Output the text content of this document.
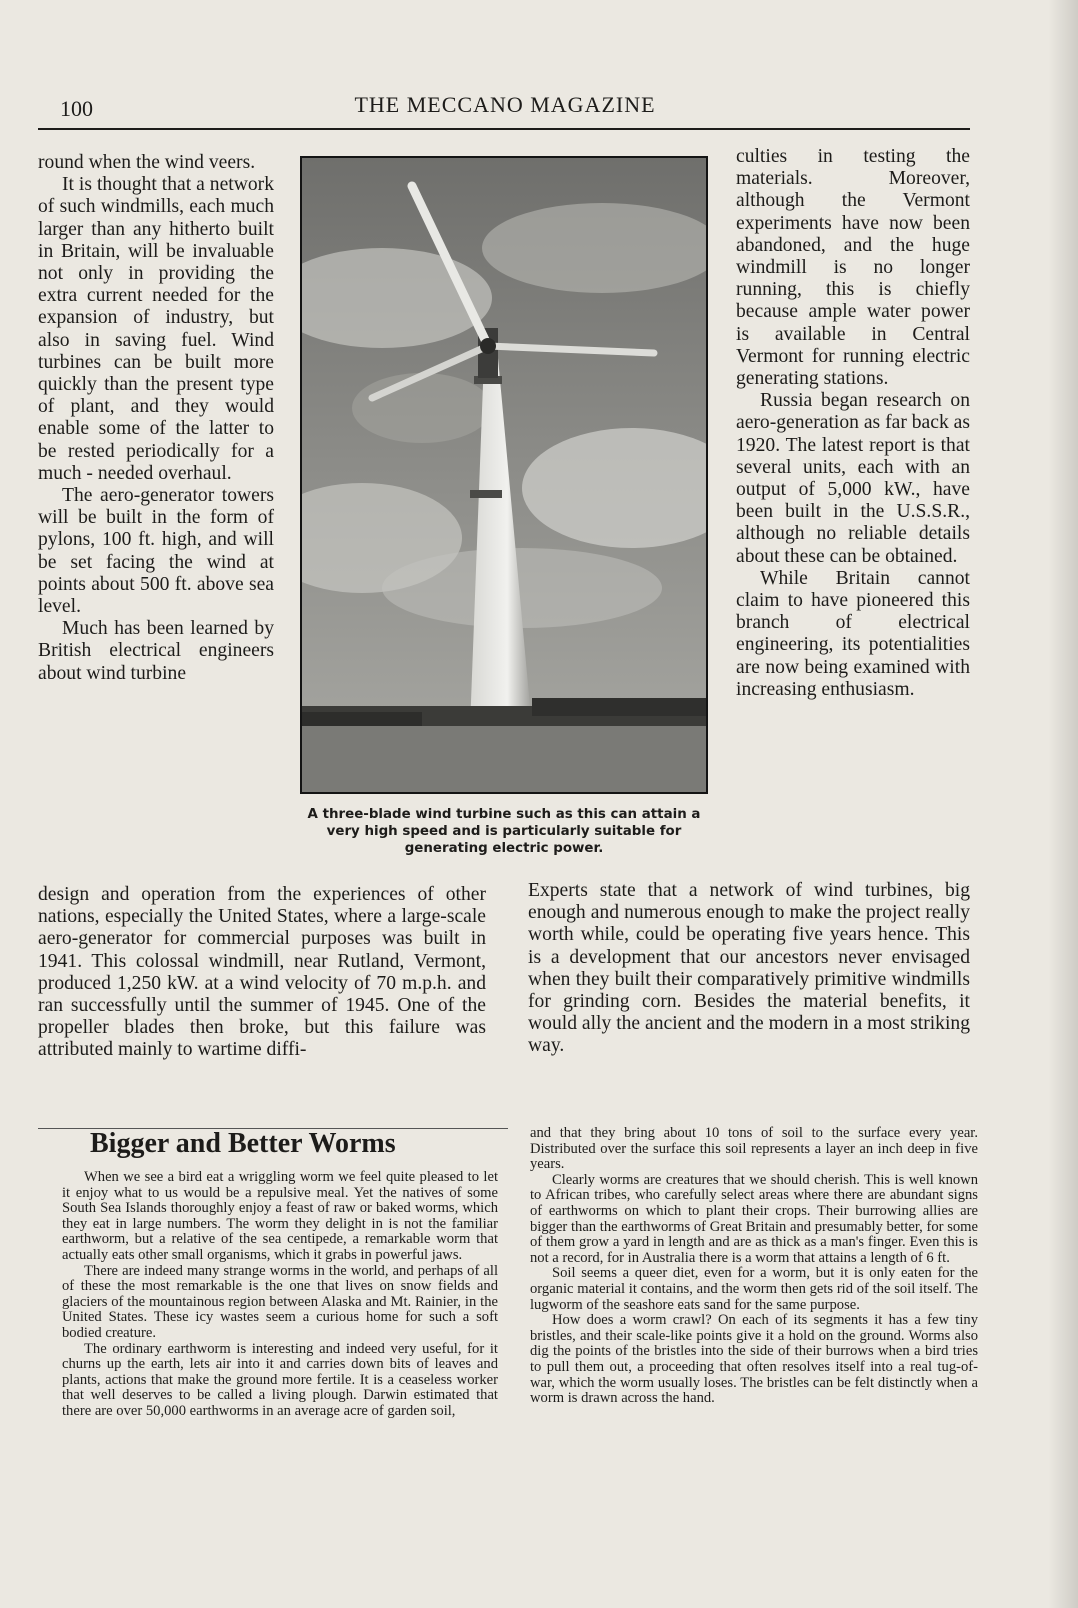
100	THE MECCANO MAGAZINE

round when the wind veers.

It is thought that a network of such windmills, each much larger than any hitherto built in Britain, will be invaluable not only in providing the extra current needed for the expansion of industry, but also in saving fuel. Wind turbines can be built more quickly than the present type of plant, and they would enable some of the latter to be rested periodically for a much - needed overhaul.

The aero-generator towers will be built in the form of pylons, 100 ft. high, and will be set facing the wind at points about 500 ft. above sea level.

Much has been learned by British electrical engineers about wind turbine

A three-blade wind turbine such as this can attain a very high speed and is particularly suitable for generating electric power.

culties in testing the materials. Moreover, although the Vermont experiments have now been abandoned, and the huge windmill is no longer running, this is chiefly because ample water power is available in Central Vermont for running electric generating stations.

Russia began research on aero-generation as far back as 1920. The latest report is that several units, each with an output of 5,000 kW., have been built in the U.S.S.R., although no reliable details about these can be obtained.

While Britain cannot claim to have pioneered this branch of electrical engineering, its potentialities are now being examined with increasing enthusiasm.

design and operation from the experiences of other nations, especially the United States, where a large-scale aero-generator for commercial purposes was built in 1941. This colossal windmill, near Rutland, Vermont, produced 1,250 kW. at a wind velocity of 70 m.p.h. and ran successfully until the summer of 1945. One of the propeller blades then broke, but this failure was attributed mainly to wartime diffi-

Experts state that a network of wind turbines, big enough and numerous enough to make the project really worth while, could be operating five years hence. This is a development that our ancestors never envisaged when they built their comparatively primitive windmills for grinding corn. Besides the material benefits, it would ally the ancient and the modern in a most striking way.

Bigger and Better Worms

When we see a bird eat a wriggling worm we feel quite pleased to let it enjoy what to us would be a repulsive meal. Yet the natives of some South Sea Islands thoroughly enjoy a feast of raw or baked worms, which they eat in large numbers. The worm they delight in is not the familiar earthworm, but a relative of the sea centipede, a remarkable worm that actually eats other small organisms, which it grabs in powerful jaws.

There are indeed many strange worms in the world, and perhaps of all of these the most remarkable is the one that lives on snow fields and glaciers of the mountainous region between Alaska and Mt. Rainier, in the United States. These icy wastes seem a curious home for such a soft bodied creature.

The ordinary earthworm is interesting and indeed very useful, for it churns up the earth, lets air into it and carries down bits of leaves and plants, actions that make the ground more fertile. It is a ceaseless worker that well deserves to be called a living plough. Darwin estimated that there are over 50,000 earthworms in an average acre of garden soil,

and that they bring about 10 tons of soil to the surface every year. Distributed over the surface this soil represents a layer an inch deep in five years.

Clearly worms are creatures that we should cherish. This is well known to African tribes, who carefully select areas where there are abundant signs of earthworms on which to plant their crops. Their burrowing allies are bigger than the earthworms of Great Britain and presumably better, for some of them grow a yard in length and are as thick as a man's finger. Even this is not a record, for in Australia there is a worm that attains a length of 6 ft.

Soil seems a queer diet, even for a worm, but it is only eaten for the organic material it contains, and the worm then gets rid of the soil itself. The lugworm of the seashore eats sand for the same purpose.

How does a worm crawl? On each of its segments it has a few tiny bristles, and their scale-like points give it a hold on the ground. Worms also dig the points of the bristles into the side of their burrows when a bird tries to pull them out, a proceeding that often resolves itself into a real tug-of-war, which the worm usually loses. The bristles can be felt distinctly when a worm is drawn across the hand.
